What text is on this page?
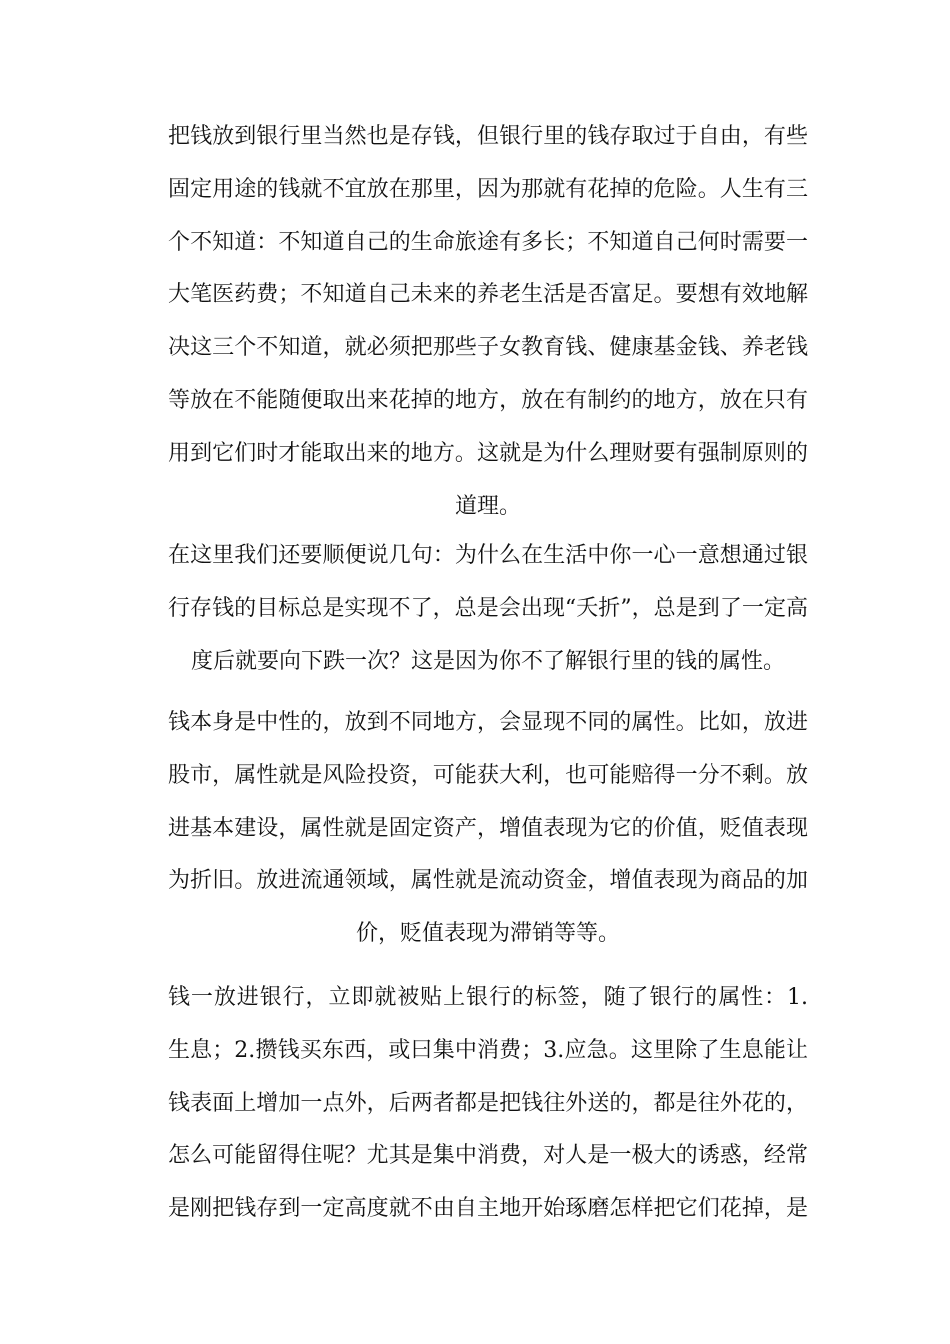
把钱放到银行里当然也是存钱，但银行里的钱存取过于自由，有些
固定用途的钱就不宜放在那里，因为那就有花掉的危险。人生有三
个不知道：不知道自己的生命旅途有多长；不知道自己何时需要一
大笔医药费；不知道自己未来的养老生活是否富足。要想有效地解
决这三个不知道，就必须把那些子女教育钱、健康基金钱、养老钱
等放在不能随便取出来花掉的地方，放在有制约的地方，放在只有
用到它们时才能取出来的地方。这就是为什么理财要有强制原则的
道理。
在这里我们还要顺便说几句：为什么在生活中你一心一意想通过银
行存钱的目标总是实现不了，总是会出现“夭折”，总是到了一定高
度后就要向下跌一次？这是因为你不了解银行里的钱的属性。
钱本身是中性的，放到不同地方，会显现不同的属性。比如，放进
股市，属性就是风险投资，可能获大利，也可能赔得一分不剩。放
进基本建设，属性就是固定资产，增值表现为它的价值，贬值表现
为折旧。放进流通领域，属性就是流动资金，增值表现为商品的加
价，贬值表现为滞销等等。
钱一放进银行，立即就被贴上银行的标签，随了银行的属性：1.
生息；2.攒钱买东西，或曰集中消费；3.应急。这里除了生息能让
钱表面上增加一点外，后两者都是把钱往外送的，都是往外花的，
怎么可能留得住呢？尤其是集中消费，对人是一极大的诱惑，经常
是刚把钱存到一定高度就不由自主地开始琢磨怎样把它们花掉，是
